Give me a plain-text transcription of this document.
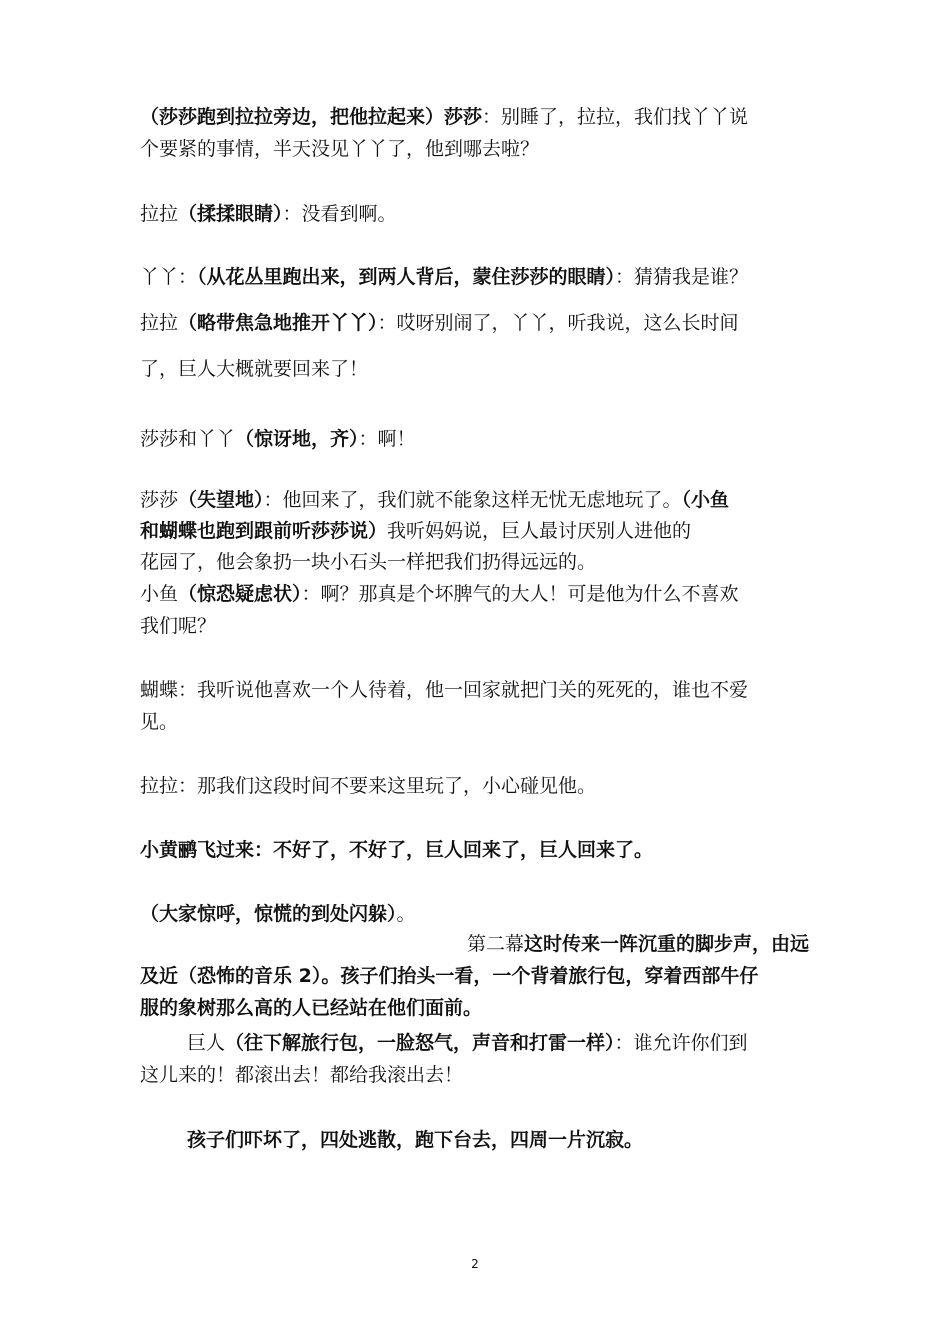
（莎莎跑到拉拉旁边，把他拉起来）莎莎：别睡了，拉拉，我们找丫丫说
个要紧的事情，半天没见丫丫了，他到哪去啦？
拉拉（揉揉眼睛）：没看到啊。
丫丫：（从花丛里跑出来，到两人背后，蒙住莎莎的眼睛）：猜猜我是谁？
拉拉（略带焦急地推开丫丫）：哎呀别闹了，丫丫，听我说，这么长时间
了，巨人大概就要回来了！
莎莎和丫丫（惊讶地，齐）：啊！
莎莎（失望地）：他回来了，我们就不能象这样无忧无虑地玩了。（小鱼
和蝴蝶也跑到跟前听莎莎说）我听妈妈说，巨人最讨厌别人进他的
花园了，他会象扔一块小石头一样把我们扔得远远的。
小鱼（惊恐疑虑状）：啊？那真是个坏脾气的大人！可是他为什么不喜欢
我们呢？
蝴蝶：我听说他喜欢一个人待着，他一回家就把门关的死死的，谁也不爱
见。
拉拉：那我们这段时间不要来这里玩了，小心碰见他。
小黄鹂飞过来：不好了，不好了，巨人回来了，巨人回来了。
（大家惊呼，惊慌的到处闪躲）。
第二幕这时传来一阵沉重的脚步声，由远
及近（恐怖的音乐 2）。孩子们抬头一看，一个背着旅行包，穿着西部牛仔
服的象树那么高的人已经站在他们面前。
巨人（往下解旅行包，一脸怒气，声音和打雷一样）：谁允许你们到
这儿来的！都滚出去！都给我滚出去！
孩子们吓坏了，四处逃散，跑下台去，四周一片沉寂。
2
